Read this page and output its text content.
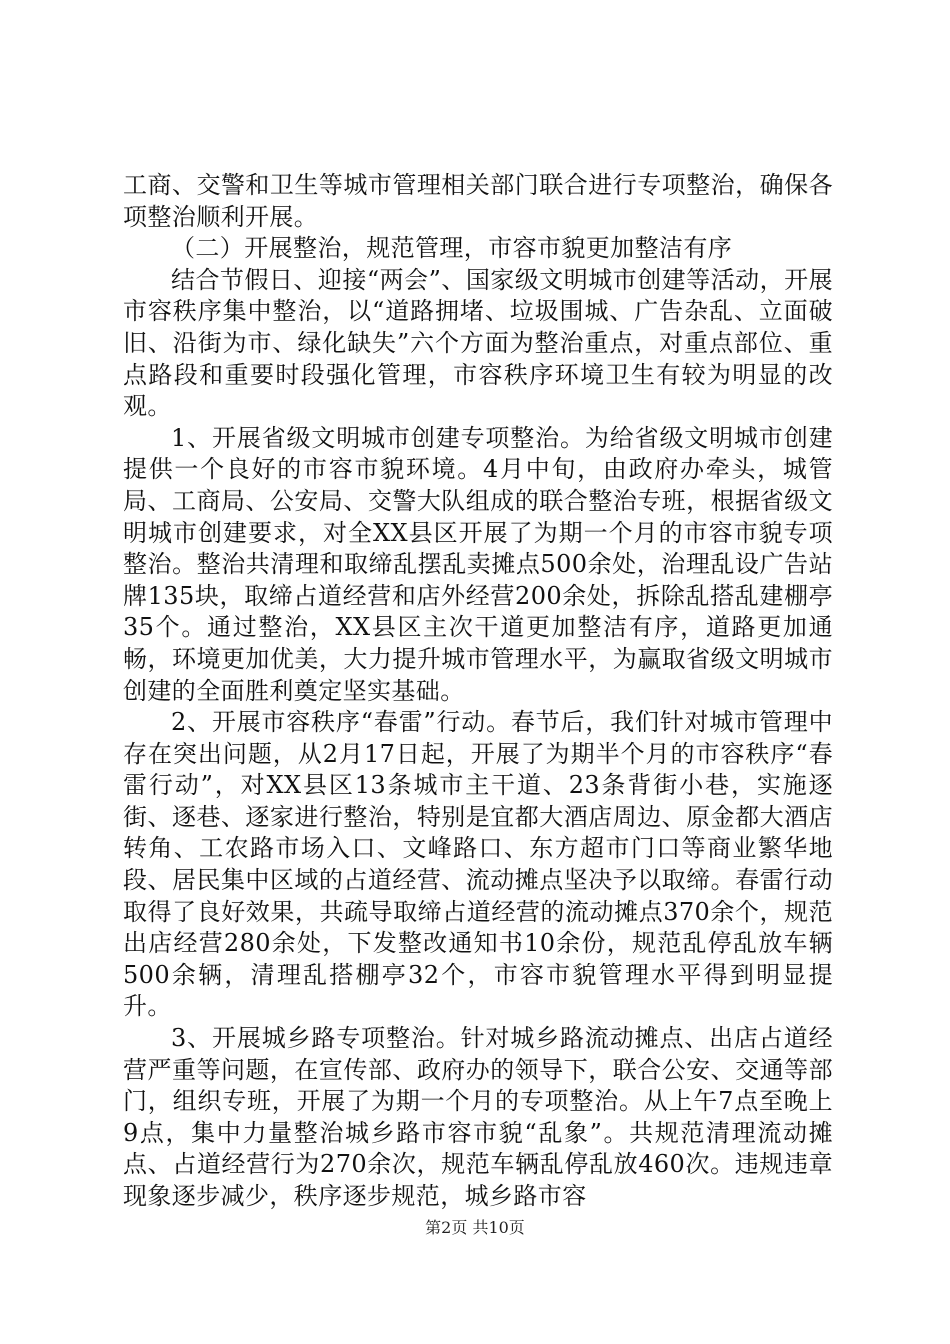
工商、交警和卫生等城市管理相关部门联合进行专项整治，确保各项整治顺利开展。

（二）开展整治，规范管理，市容市貌更加整洁有序

结合节假日、迎接“两会”、国家级文明城市创建等活动，开展市容秩序集中整治，以“道路拥堵、垃圾围城、广告杂乱、立面破旧、沿街为市、绿化缺失”六个方面为整治重点，对重点部位、重点路段和重要时段强化管理，市容秩序环境卫生有较为明显的改观。

1、开展省级文明城市创建专项整治。为给省级文明城市创建提供一个良好的市容市貌环境。4月中旬，由政府办牵头，城管局、工商局、公安局、交警大队组成的联合整治专班，根据省级文明城市创建要求，对全XX县区开展了为期一个月的市容市貌专项整治。整治共清理和取缔乱摆乱卖摊点500余处，治理乱设广告站牌135块，取缔占道经营和店外经营200余处，拆除乱搭乱建棚亭35个。通过整治，XX县区主次干道更加整洁有序，道路更加通畅，环境更加优美，大力提升城市管理水平，为赢取省级文明城市创建的全面胜利奠定坚实基础。

2、开展市容秩序“春雷”行动。春节后，我们针对城市管理中存在突出问题，从2月17日起，开展了为期半个月的市容秩序“春雷行动”，对XX县区13条城市主干道、23条背街小巷，实施逐街、逐巷、逐家进行整治，特别是宜都大酒店周边、原金都大酒店转角、工农路市场入口、文峰路口、东方超市门口等商业繁华地段、居民集中区域的占道经营、流动摊点坚决予以取缔。春雷行动取得了良好效果，共疏导取缔占道经营的流动摊点370余个，规范出店经营280余处，下发整改通知书10余份，规范乱停乱放车辆500余辆，清理乱搭棚亭32个，市容市貌管理水平得到明显提升。

3、开展城乡路专项整治。针对城乡路流动摊点、出店占道经营严重等问题，在宣传部、政府办的领导下，联合公安、交通等部门，组织专班，开展了为期一个月的专项整治。从上午7点至晚上9点，集中力量整治城乡路市容市貌“乱象”。共规范清理流动摊点、占道经营行为270余次，规范车辆乱停乱放460次。违规违章现象逐步减少，秩序逐步规范，城乡路市容

第2页 共10页
